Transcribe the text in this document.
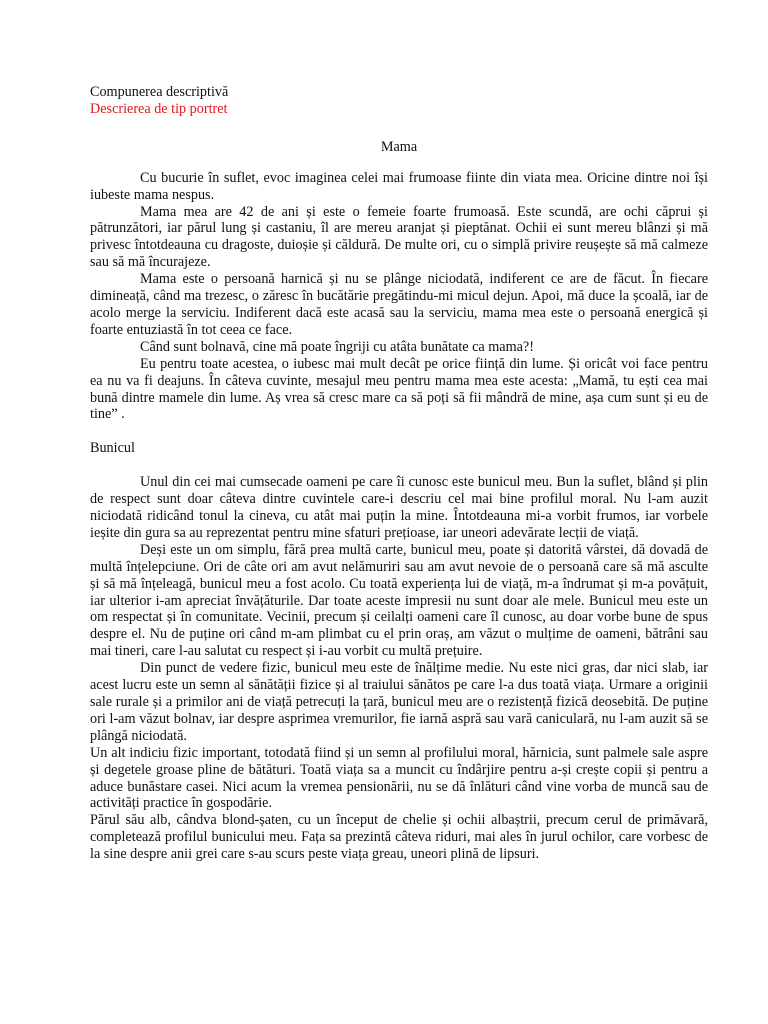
Compunerea descriptivă

Descrierea de tip portret

Mama

Cu bucurie în suflet, evoc imaginea celei mai frumoase fiinte din viata mea. Oricine dintre noi își iubeste mama nespus.

Mama mea are 42 de ani și este o femeie foarte frumoasă. Este scundă, are ochi căprui și pătrunzători, iar părul lung și castaniu, îl are mereu aranjat și pieptănat. Ochii ei sunt mereu blânzi și mă privesc întotdeauna cu dragoste, duioșie și căldură. De multe ori, cu o simplă privire reușește să mă calmeze sau să mă încurajeze.

Mama este o persoană harnică și nu se plânge niciodată, indiferent ce are de făcut. În fiecare dimineață, când ma trezesc, o zăresc în bucătărie pregătindu-mi micul dejun. Apoi, mă duce la școală, iar de acolo merge la serviciu. Indiferent dacă este acasă sau la serviciu, mama mea este o persoană energică și foarte entuziastă în tot ceea ce face.

Când sunt bolnavă, cine mă poate îngriji cu atâta bunătate ca mama?!

Eu pentru toate acestea, o iubesc mai mult decât pe orice ființă din lume. Și oricât voi face pentru ea nu va fi deajuns. În câteva cuvinte, mesajul meu pentru mama mea este acesta: „Mamă, tu ești cea mai bună dintre mamele din lume. Aș vrea să cresc mare ca să poți să fii mândră de mine, așa cum sunt și eu de tine” .

Bunicul

Unul din cei mai cumsecade oameni pe care îi cunosc este bunicul meu. Bun la suflet, blând și plin de respect sunt doar câteva dintre cuvintele care-i descriu cel mai bine profilul moral. Nu l-am auzit niciodată ridicând tonul la cineva, cu atât mai puțin la mine. Întotdeauna mi-a vorbit frumos, iar vorbele ieșite din gura sa au reprezentat pentru mine sfaturi prețioase, iar uneori adevărate lecții de viață.

Deși este un om simplu, fără prea multă carte, bunicul meu, poate și datorită vârstei, dă dovadă de multă înțelepciune. Ori de câte ori am avut nelămuriri sau am avut nevoie de o persoană care să mă asculte și să mă înțeleagă, bunicul meu a fost acolo. Cu toată experiența lui de viață, m-a îndrumat și m-a povățuit, iar ulterior i-am apreciat învățăturile. Dar toate aceste impresii nu sunt doar ale mele. Bunicul meu este un om respectat și în comunitate. Vecinii, precum și ceilalți oameni care îl cunosc, au doar vorbe bune de spus despre el. Nu de puține ori când m-am plimbat cu el prin oraș, am văzut o mulțime de oameni, bătrâni sau mai tineri, care l-au salutat cu respect și i-au vorbit cu multă prețuire.

Din punct de vedere fizic, bunicul meu este de înălțime medie. Nu este nici gras, dar nici slab, iar acest lucru este un semn al sănătății fizice și al traiului sănătos pe care l-a dus toată viața. Urmare a originii sale rurale și a primilor ani de viață petrecuți la țară, bunicul meu are o rezistență fizică deosebită. De puține ori l-am văzut bolnav, iar despre asprimea vremurilor, fie iarnă aspră sau vară caniculară, nu l-am auzit să se plângă niciodată.

Un alt indiciu fizic important, totodată fiind și un semn al profilului moral, hărnicia, sunt palmele sale aspre și degetele groase pline de bătături. Toată viața sa a muncit cu îndârjire pentru a-și crește copii și pentru a aduce bunăstare casei. Nici acum la vremea pensionării, nu se dă înlături când vine vorba de muncă sau de activități practice în gospodărie.

Părul său alb, cândva blond-șaten, cu un început de chelie și ochii albaștrii, precum cerul de primăvară, completează profilul bunicului meu. Fața sa prezintă câteva riduri, mai ales în jurul ochilor, care vorbesc de la sine despre anii grei care s-au scurs peste viața greau, uneori plină de lipsuri.
